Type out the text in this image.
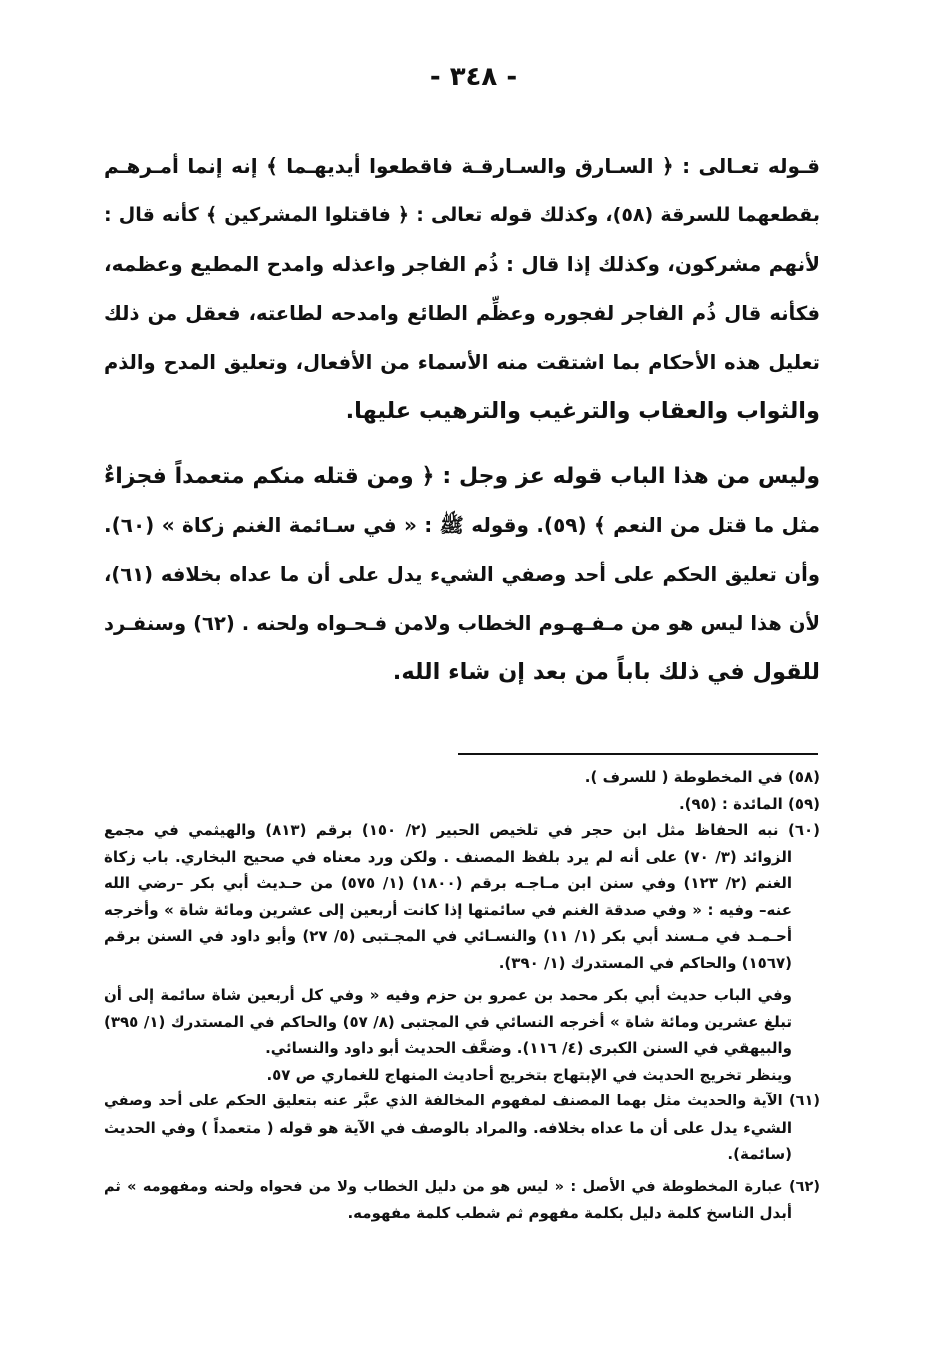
- ٣٤٨ -
قـوله تعـالى : ﴿ السـارق والسـارقـة فاقطعوا أيديهـما ﴾ إنه إنما أمـرهـم
بقطعهما للسرقة (٥٨)، وكذلك قوله تعالى : ﴿ فاقتلوا المشركين ﴾ كأنه قال :
لأنهم مشركون، وكذلك إذا قال : ذُم الفاجر واعذله وامدح المطيع وعظمه،
فكأنه قال ذُم الفاجر لفجوره وعظِّم الطائع وامدحه لطاعته، فعقل من ذلك
تعليل هذه الأحكام بما اشتقت منه الأسماء من الأفعال، وتعليق المدح والذم
والثواب والعقاب والترغيب والترهيب عليها.
وليس من هذا الباب قوله عز وجل : ﴿ ومن قتله منكم متعمداً فجزاءٌ
مثل ما قتل من النعم ﴾ (٥٩). وقوله ﷺ : « في سـائمة الغنم زكاة » (٦٠).
وأن تعليق الحكم على أحد وصفي الشيء يدل على أن ما عداه بخلافه (٦١)،
لأن هذا ليس هو من مـفـهـوم الخطاب ولامن فـحـواه ولحنه . (٦٢) وسنفـرد
للقول في ذلك باباً من بعد إن شاء الله.
(٥٨) في المخطوطة ( للسرف ).
(٥٩) المائدة : (٩٥).
(٦٠) نبه الحفاظ مثل ابن حجر في تلخيص الحبير (٢/ ١٥٠) برقم (٨١٣) والهيثمي في مجمع
الزوائد (٣/ ٧٠) على أنه لم يرد بلفظ المصنف . ولكن ورد معناه في صحيح البخاري. باب زكاة
الغنم (٢/ ١٢٣) وفي سنن ابن مـاجـه برقم (١٨٠٠) (١/ ٥٧٥) من حـديث أبي بكر –رضي الله
عنه– وفيه : « وفي صدقة الغنم في سائمتها إذا كانت أربعين إلى عشرين ومائة شاة » وأخرجه
أحـمـد في مـسند أبي بكر (١/ ١١) والنسـائي في المجـتبى (٥/ ٢٧) وأبو داود في السنن برقم
(١٥٦٧) والحاكم في المستدرك (١/ ٣٩٠).
وفي الباب حديث أبي بكر محمد بن عمرو بن حزم وفيه « وفي كل أربعين شاة سائمة إلى أن
تبلغ عشرين ومائة شاة » أخرجه النسائي في المجتبى (٨/ ٥٧) والحاكم في المستدرك (١/ ٣٩٥)
والبيهقي في السنن الكبرى (٤/ ١١٦). وضعَّف الحديث أبو داود والنسائي.
وينظر تخريج الحديث في الإبتهاج بتخريج أحاديث المنهاج للغماري ص ٥٧.
(٦١) الآية والحديث مثل بهما المصنف لمفهوم المخالفة الذي عبَّر عنه بتعليق الحكم على أحد وصفي
الشيء يدل على أن ما عداه بخلافه. والمراد بالوصف في الآية هو قوله ( متعمداً ) وفي الحديث
(سائمة).
(٦٢) عبارة المخطوطة في الأصل : « ليس هو من دليل الخطاب ولا من فحواه ولحنه ومفهومه » ثم
أبدل الناسخ كلمة دليل بكلمة مفهوم ثم شطب كلمة مفهومه.
